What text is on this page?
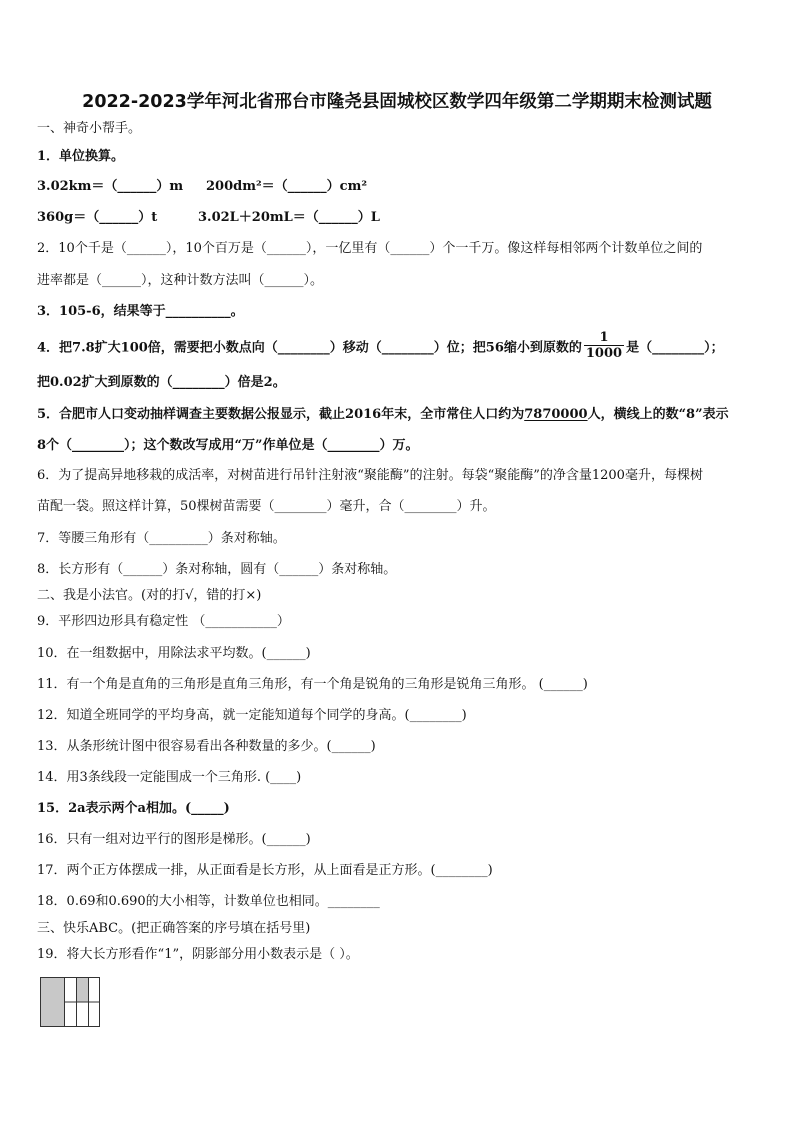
2022-2023学年河北省邢台市隆尧县固城校区数学四年级第二学期期末检测试题
一、神奇小帮手。
1．单位换算。
3.02km＝（______）m 200dm²＝（______）cm²
360g＝（______）t	3.02L＋20mL＝（______）L
2．10个千是（______），10个百万是（______），一亿里有（______）个一千万。像这样每相邻两个计数单位之间的
进率都是（______），这种计数方法叫（______）。
3．105-6，结果等于__________。
4．把7.8扩大100倍，需要把小数点向（________）移动（________）位；把56缩小到原数的 $\frac{1}{1000}$ 是（________）；
把0.02扩大到原数的（________）倍是2。
5．合肥市人口变动抽样调查主要数据公报显示，截止2016年末，全市常住人口约为7870000人，横线上的数“8”表示
8个（________）；这个数改写成用“万”作单位是（________）万。
6．为了提高异地移栽的成活率，对树苗进行吊针注射液“聚能酶”的注射。每袋“聚能酶”的净含量1200毫升，每棵树
苗配一袋。照这样计算，50棵树苗需要（________）毫升，合（________）升。
7．等腰三角形有（_________）条对称轴。
8．长方形有（______）条对称轴，圆有（______）条对称轴。
二、我是小法官。(对的打√，错的打×)
9．平形四边形具有稳定性 （___________）
10．在一组数据中，用除法求平均数。(______)
11．有一个角是直角的三角形是直角三角形，有一个角是锐角的三角形是锐角三角形。 (______)
12．知道全班同学的平均身高，就一定能知道每个同学的身高。(________)
13．从条形统计图中很容易看出各种数量的多少。(______)
14．用3条线段一定能围成一个三角形. (____)
15．2a表示两个a相加。(_____)
16．只有一组对边平行的图形是梯形。(______)
17．两个正方体摆成一排，从正面看是长方形，从上面看是正方形。(________)
18．0.69和0.690的大小相等，计数单位也相同。________
三、快乐ABC。(把正确答案的序号填在括号里)
19．将大长方形看作“1”，阴影部分用小数表示是（ ）。
